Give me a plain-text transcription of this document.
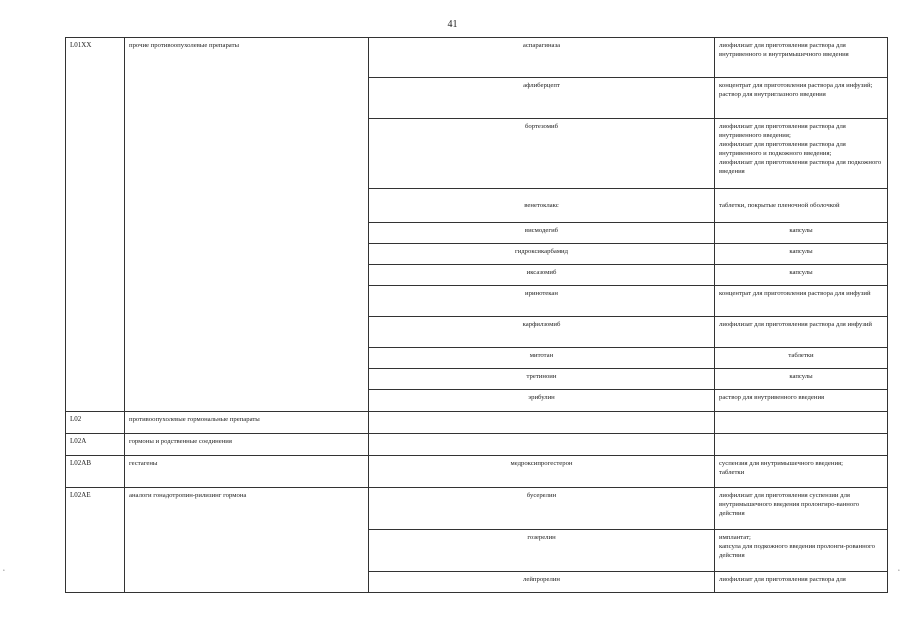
41
L01XX	прочие противоопухолевые препараты	аспарагиназа	лиофилизат для приготовления раствора для внутривенного и внутримышечного введения
		афлиберцепт	концентрат для приготовления раствора для инфузий;
раствор для внутриглазного введения
		бортезомиб	лиофилизат для приготовления раствора для внутривенного введения;
лиофилизат для приготовления раствора для внутривенного и подкожного введения;
лиофилизат для приготовления раствора для подкожного введения
		венетоклакс	таблетки, покрытые пленочной оболочкой
		висмодегиб	капсулы
		гидроксикарбамид	капсулы
		иксазомиб	капсулы
		иринотекан	концентрат для приготовления раствора для инфузий
		карфилзомиб	лиофилизат для приготовления раствора для инфузий
		митотан	таблетки
		третиноин	капсулы
		эрибулин	раствор для внутривенного введения
L02	противоопухолевые гормональные препараты		
L02A	гормоны и родственные соединения		
L02AB	гестагены	медроксипрогестерон	суспензия для внутримышечного введения;
таблетки
L02AE	аналоги гонадотропин-рилизинг гормона	бусерелин	лиофилизат для приготовления суспензии для внутримышечного введения пролонгиро-ванного действия
		гозерелин	имплантат;
капсула для подкожного введения пролонги-рованного действия
		лейпрорелин	лиофилизат для приготовления раствора для
•	•
